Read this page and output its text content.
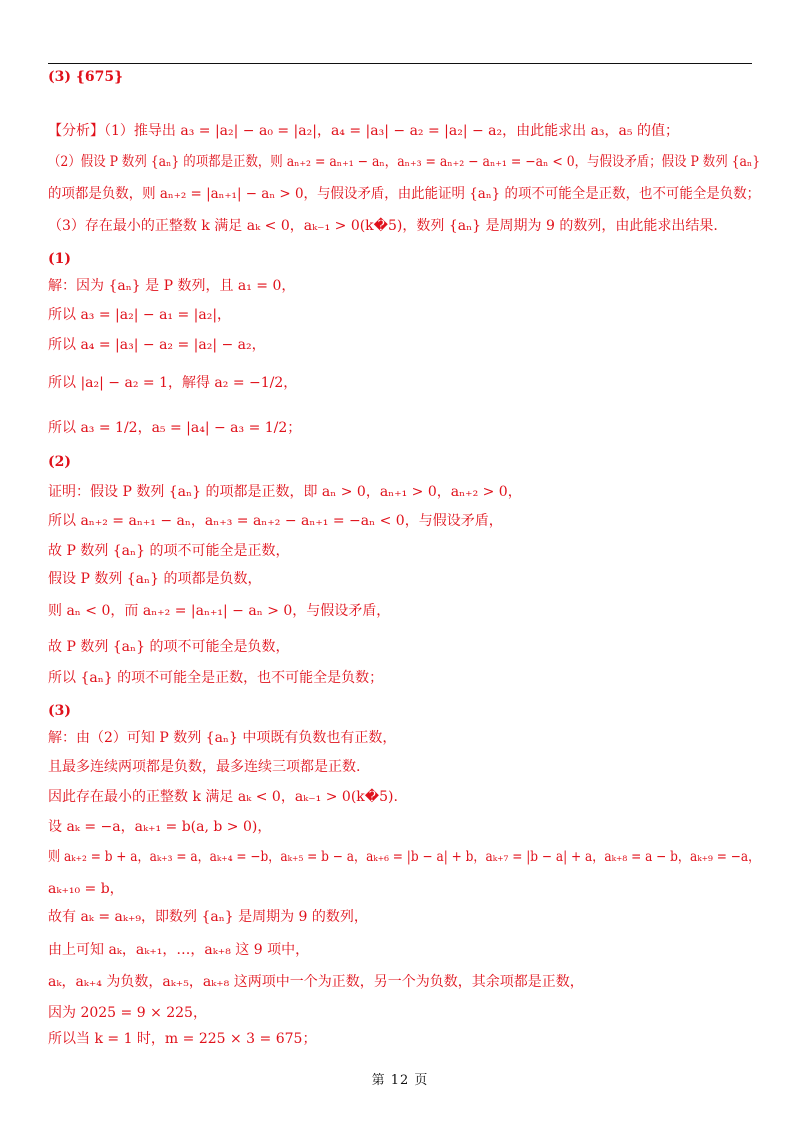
(3) {675}
【分析】（1）推导出 a₃ = |a₂| − a₀ = |a₂|，a₄ = |a₃| − a₂ = |a₂| − a₂，由此能求出 a₃，a₅ 的值；
（2）假设 P 数列 {aₙ} 的项都是正数，则 aₙ₊₂ = aₙ₊₁ − aₙ，aₙ₊₃ = aₙ₊₂ − aₙ₊₁ = −aₙ < 0，与假设矛盾；假设 P 数列 {aₙ}
的项都是负数，则 aₙ₊₂ = |aₙ₊₁| − aₙ > 0，与假设矛盾，由此能证明 {aₙ} 的项不可能全是正数，也不可能全是负数；
（3）存在最小的正整数 k 满足 aₖ < 0，aₖ₋₁ > 0(k�5)，数列 {aₙ} 是周期为 9 的数列，由此能求出结果.
(1)
解：因为 {aₙ} 是 P 数列，且 a₁ = 0，
所以 a₃ = |a₂| − a₁ = |a₂|，
所以 a₄ = |a₃| − a₂ = |a₂| − a₂，
所以 |a₂| − a₂ = 1，解得 a₂ = −1/2，
所以 a₃ = 1/2，a₅ = |a₄| − a₃ = 1/2；
(2)
证明：假设 P 数列 {aₙ} 的项都是正数，即 aₙ > 0，aₙ₊₁ > 0，aₙ₊₂ > 0，
所以 aₙ₊₂ = aₙ₊₁ − aₙ，aₙ₊₃ = aₙ₊₂ − aₙ₊₁ = −aₙ < 0，与假设矛盾，
故 P 数列 {aₙ} 的项不可能全是正数，
假设 P 数列 {aₙ} 的项都是负数，
则 aₙ < 0，而 aₙ₊₂ = |aₙ₊₁| − aₙ > 0，与假设矛盾，
故 P 数列 {aₙ} 的项不可能全是负数，
所以 {aₙ} 的项不可能全是正数，也不可能全是负数；
(3)
解：由（2）可知 P 数列 {aₙ} 中项既有负数也有正数，
且最多连续两项都是负数，最多连续三项都是正数.
因此存在最小的正整数 k 满足 aₖ < 0，aₖ₋₁ > 0(k�5).
设 aₖ = −a，aₖ₊₁ = b(a, b > 0)，
则 aₖ₊₂ = b + a，aₖ₊₃ = a，aₖ₊₄ = −b，aₖ₊₅ = b − a，aₖ₊₆ = |b − a| + b，aₖ₊₇ = |b − a| + a，aₖ₊₈ = a − b，aₖ₊₉ = −a，
aₖ₊₁₀ = b，
故有 aₖ = aₖ₊₉，即数列 {aₙ} 是周期为 9 的数列，
由上可知 aₖ，aₖ₊₁，…，aₖ₊₈ 这 9 项中，
aₖ，aₖ₊₄ 为负数，aₖ₊₅，aₖ₊₈ 这两项中一个为正数，另一个为负数，其余项都是正数，
因为 2025 = 9 × 225，
所以当 k = 1 时，m = 225 × 3 = 675；
第 12 页
